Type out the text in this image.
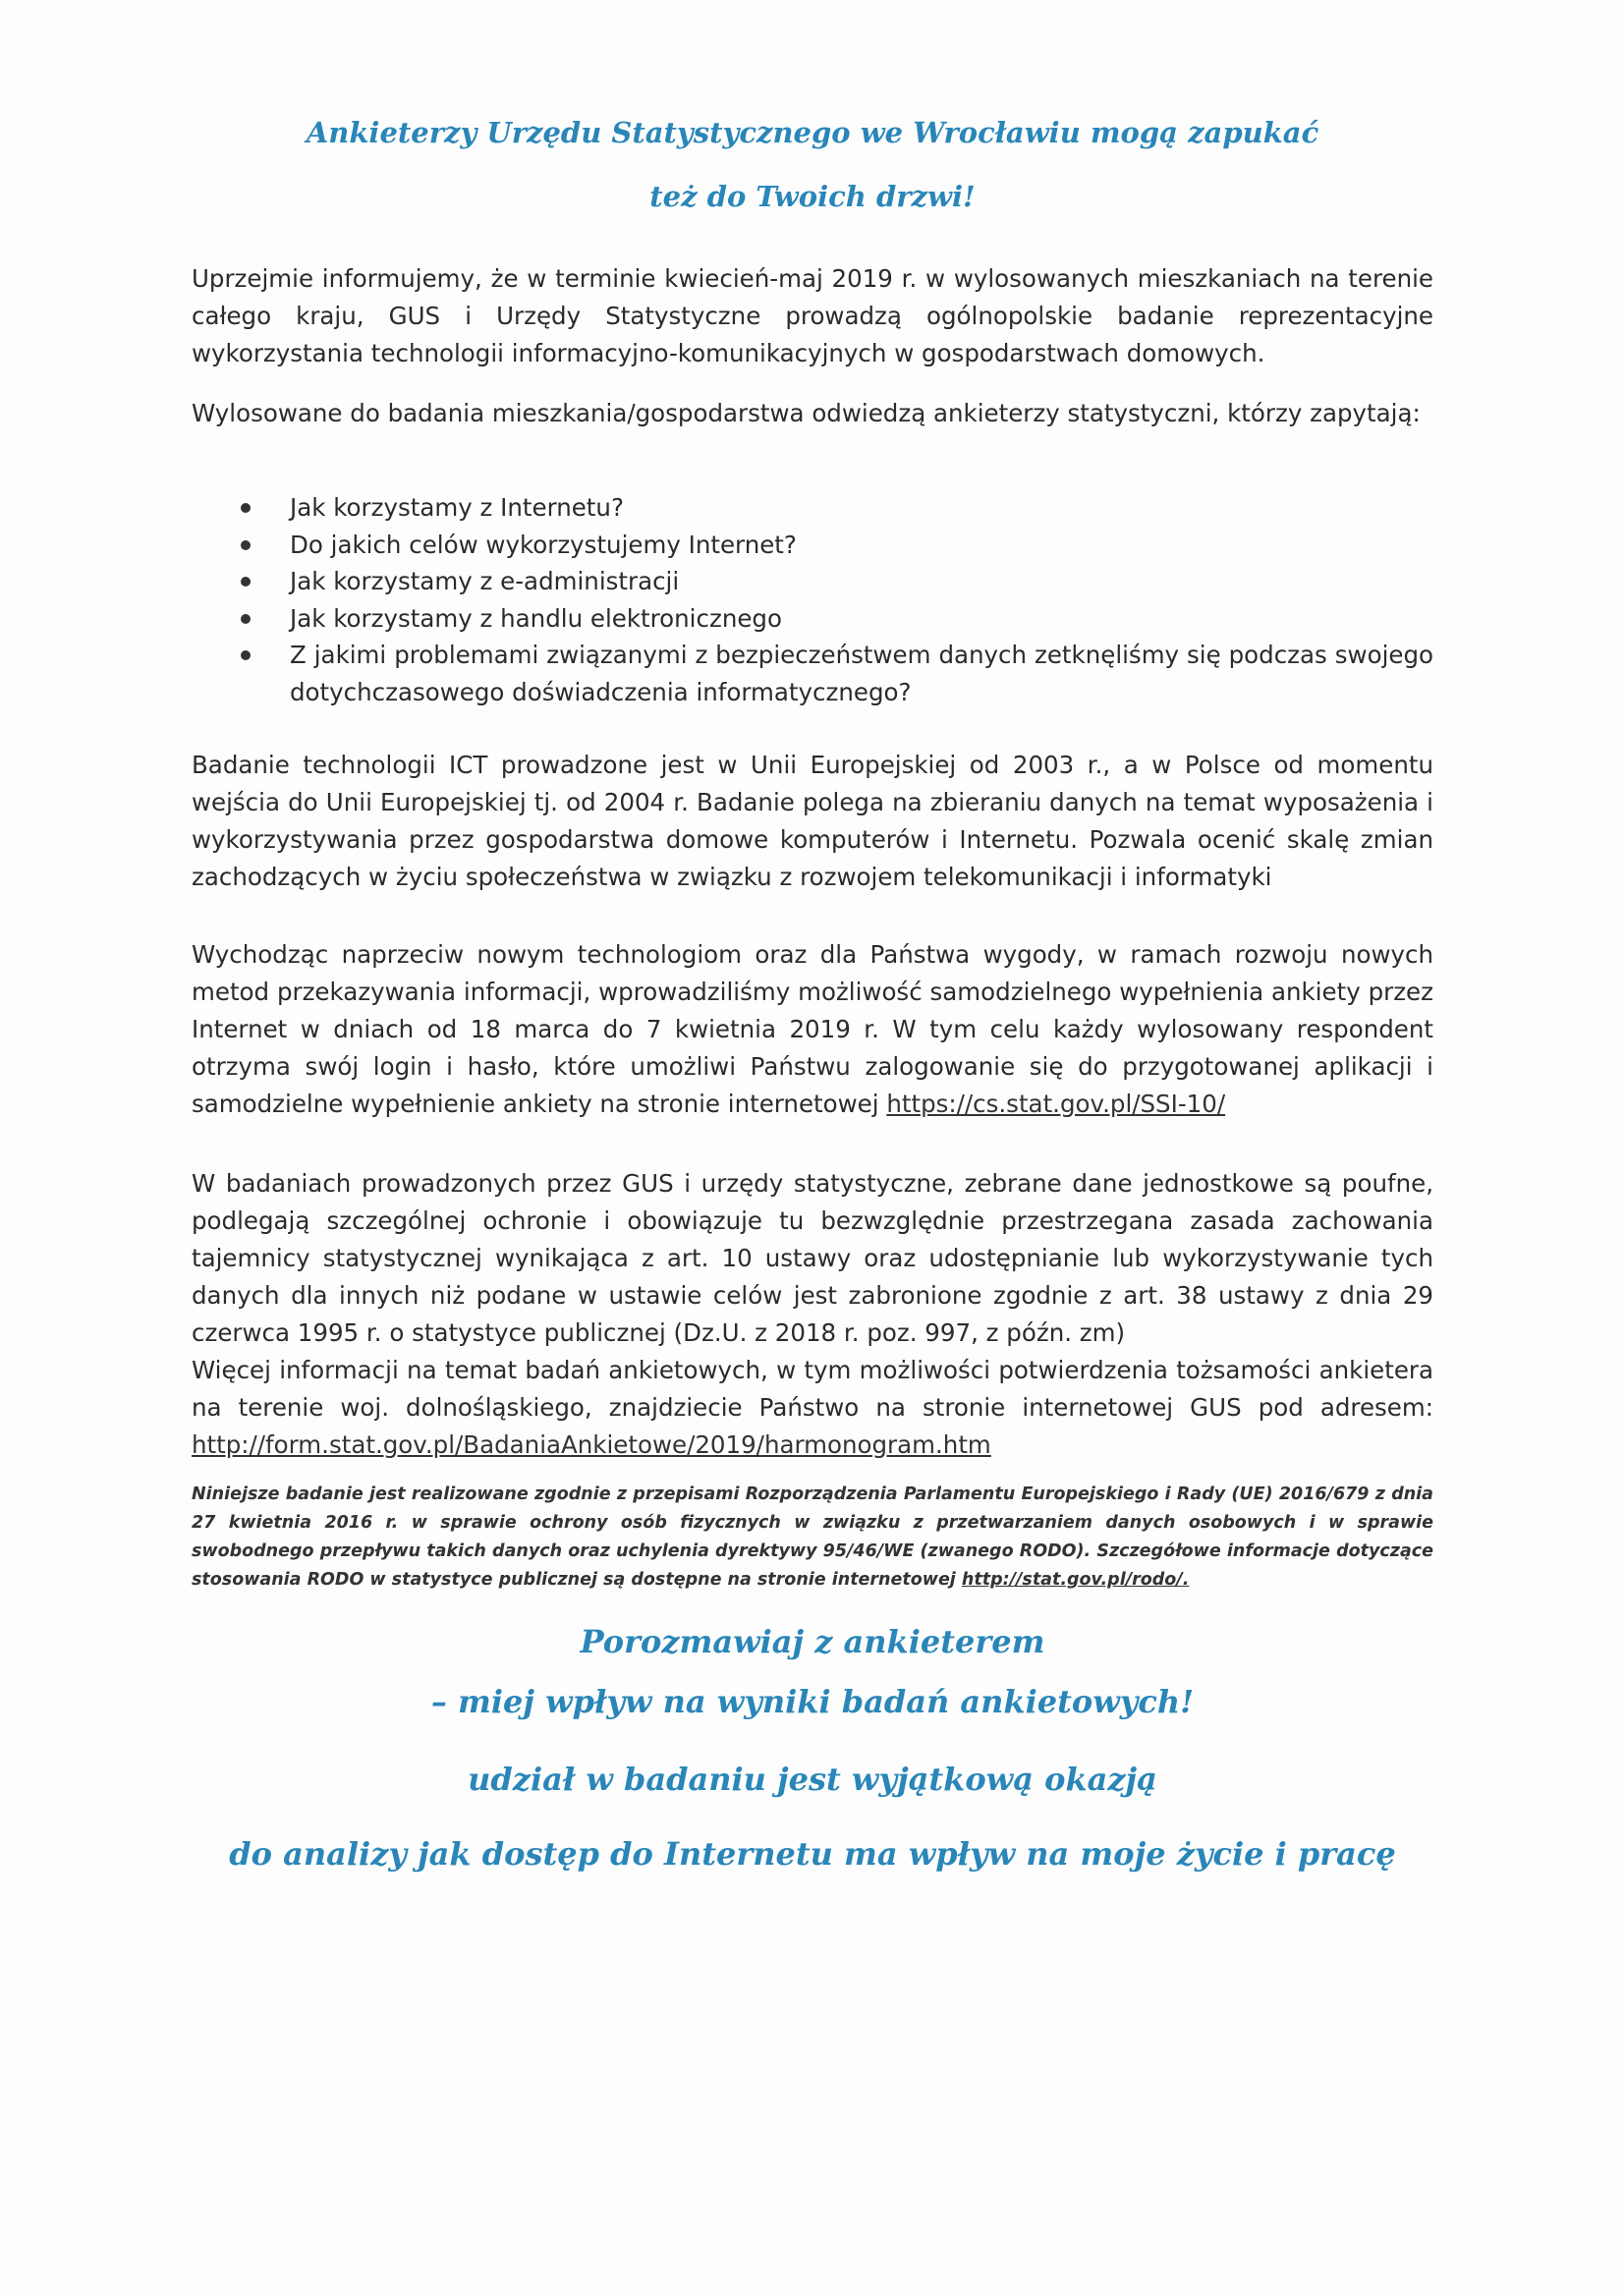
Ankieterzy Urzędu Statystycznego we Wrocławiu mogą zapukać
też do Twoich drzwi!
Uprzejmie informujemy, że w terminie kwiecień-maj 2019 r. w wylosowanych mieszkaniach na terenie całego kraju, GUS i Urzędy Statystyczne prowadzą ogólnopolskie badanie reprezentacyjne wykorzystania technologii informacyjno-komunikacyjnych w gospodarstwach domowych.
Wylosowane do badania mieszkania/gospodarstwa odwiedzą ankieterzy statystyczni, którzy zapytają:
Jak korzystamy z Internetu?
Do jakich celów wykorzystujemy Internet?
Jak korzystamy z e-administracji
Jak korzystamy z handlu elektronicznego
Z jakimi problemami związanymi z bezpieczeństwem danych zetknęliśmy się podczas swojego dotychczasowego doświadczenia informatycznego?
Badanie technologii ICT prowadzone jest w Unii Europejskiej od 2003 r., a w Polsce od momentu wejścia do Unii Europejskiej tj. od 2004 r. Badanie polega na zbieraniu danych na temat wyposażenia i wykorzystywania przez gospodarstwa domowe komputerów i Internetu. Pozwala ocenić skalę zmian zachodzących w życiu społeczeństwa w związku z rozwojem telekomunikacji i informatyki
Wychodząc naprzeciw nowym technologiom oraz dla Państwa wygody, w ramach rozwoju nowych metod przekazywania informacji, wprowadziliśmy możliwość samodzielnego wypełnienia ankiety przez Internet w dniach od 18 marca do 7 kwietnia 2019 r. W tym celu każdy wylosowany respondent otrzyma swój login i hasło, które umożliwi Państwu zalogowanie się do przygotowanej aplikacji i samodzielne wypełnienie ankiety na stronie internetowej https://cs.stat.gov.pl/SSI-10/
W badaniach prowadzonych przez GUS i urzędy statystyczne, zebrane dane jednostkowe są poufne, podlegają szczególnej ochronie i obowiązuje tu bezwzględnie przestrzegana zasada zachowania tajemnicy statystycznej wynikająca z art. 10 ustawy oraz udostępnianie lub wykorzystywanie tych danych dla innych niż podane w ustawie celów jest zabronione zgodnie z art. 38 ustawy z dnia 29 czerwca 1995 r. o statystyce publicznej (Dz.U. z 2018 r. poz. 997, z późn. zm)
Więcej informacji na temat badań ankietowych, w tym możliwości potwierdzenia tożsamości ankietera na terenie woj. dolnośląskiego, znajdziecie Państwo na stronie internetowej GUS pod adresem: http://form.stat.gov.pl/BadaniaAnkietowe/2019/harmonogram.htm
Niniejsze badanie jest realizowane zgodnie z przepisami Rozporządzenia Parlamentu Europejskiego i Rady (UE) 2016/679 z dnia 27 kwietnia 2016 r. w sprawie ochrony osób fizycznych w związku z przetwarzaniem danych osobowych i w sprawie swobodnego przepływu takich danych oraz uchylenia dyrektywy 95/46/WE (zwanego RODO). Szczegółowe informacje dotyczące stosowania RODO w statystyce publicznej są dostępne na stronie internetowej http://stat.gov.pl/rodo/.
Porozmawiaj z ankieterem
– miej wpływ na wyniki badań ankietowych!
udział w badaniu jest wyjątkową okazją
do analizy jak dostęp do Internetu ma wpływ na moje życie i pracę
